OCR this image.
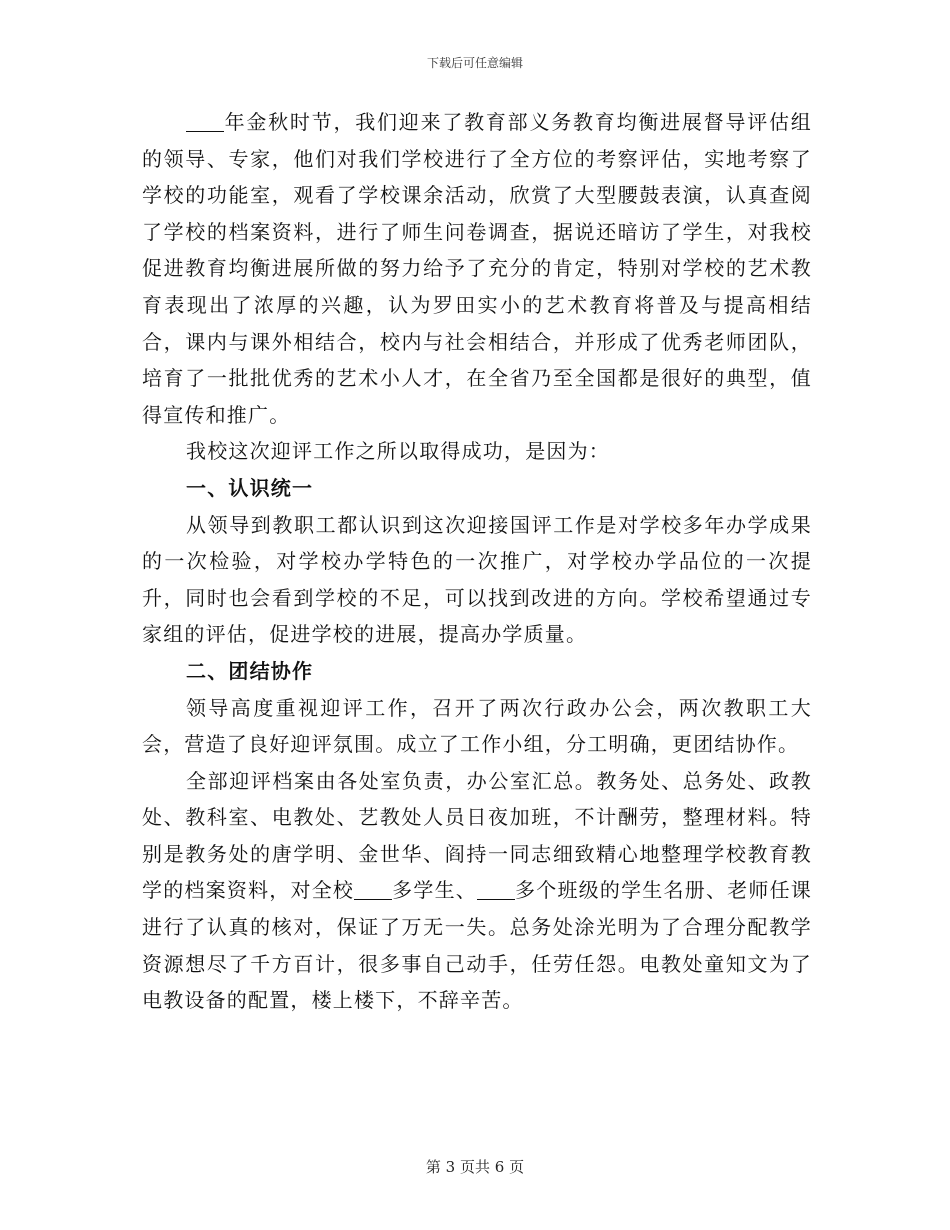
下载后可任意编辑

年金秋时节，我们迎来了教育部义务教育均衡进展督导评估组的领导、专家，他们对我们学校进行了全方位的考察评估，实地考察了学校的功能室，观看了学校课余活动，欣赏了大型腰鼓表演，认真查阅了学校的档案资料，进行了师生问卷调查，据说还暗访了学生，对我校促进教育均衡进展所做的努力给予了充分的肯定，特别对学校的艺术教育表现出了浓厚的兴趣，认为罗田实小的艺术教育将普及与提高相结合，课内与课外相结合，校内与社会相结合，并形成了优秀老师团队，培育了一批批优秀的艺术小人才，在全省乃至全国都是很好的典型，值得宣传和推广。

我校这次迎评工作之所以取得成功，是因为：

一、认识统一

从领导到教职工都认识到这次迎接国评工作是对学校多年办学成果的一次检验，对学校办学特色的一次推广，对学校办学品位的一次提升，同时也会看到学校的不足，可以找到改进的方向。学校希望通过专家组的评估，促进学校的进展，提高办学质量。

二、团结协作

领导高度重视迎评工作，召开了两次行政办公会，两次教职工大会，营造了良好迎评氛围。成立了工作小组，分工明确，更团结协作。

全部迎评档案由各处室负责，办公室汇总。教务处、总务处、政教处、教科室、电教处、艺教处人员日夜加班，不计酬劳，整理材料。特别是教务处的唐学明、金世华、阎持一同志细致精心地整理学校教育教学的档案资料，对全校 多学生、 多个班级的学生名册、老师任课进行了认真的核对，保证了万无一失。总务处涂光明为了合理分配教学资源想尽了千方百计，很多事自己动手，任劳任怨。电教处童知文为了电教设备的配置，楼上楼下，不辞辛苦。

第 3 页共 6 页
